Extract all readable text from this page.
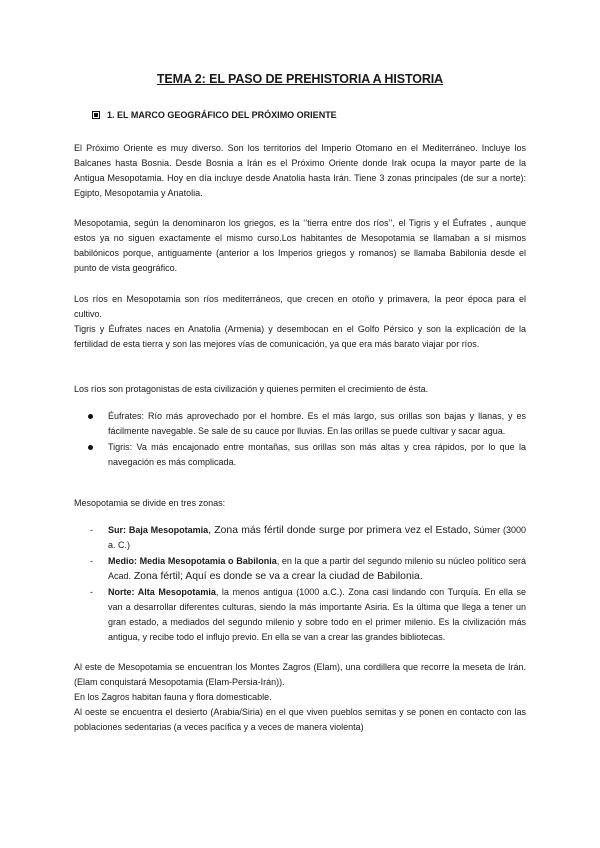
TEMA 2: EL PASO DE PREHISTORIA A HISTORIA
1. EL MARCO GEOGRÁFICO DEL PRÓXIMO ORIENTE

El Próximo Oriente es muy diverso. Son los territorios del Imperio Otomano en el Mediterráneo. Incluye los Balcanes hasta Bosnia. Desde Bosnia a Irán es el Próximo Oriente donde Irak ocupa la mayor parte de la Antigua Mesopotamia. Hoy en día incluye desde Anatolia hasta Irán. Tiene 3 zonas principales (de sur a norte): Egipto, Mesopotamia y Anatolia.

Mesopotamia, según la denominaron los griegos, es la ‘’tierra entre dos ríos’’, el Tigris y el Éufrates , aunque estos ya no siguen exactamente el mismo curso.Los habitantes de Mesopotamia se llamaban a sí mismos babilónicos porque, antiguamente (anterior a los Imperios griegos y romanos) se llamaba Babilonia desde el punto de vista geográfico.

Los ríos en Mesopotamia son ríos mediterráneos, que crecen en otoño y primavera, la peor época para el cultivo.

Tigris y Éufrates naces en Anatolia (Armenia) y desembocan en el Golfo Pérsico y son la explicación de la fertilidad de esta tierra y son las mejores vías de comunicación, ya que era más barato viajar por ríos.

Los ríos son protagonistas de esta civilización y quienes permiten el crecimiento de ésta.

Éufrates: Río más aprovechado por el hombre. Es el más largo, sus orillas son bajas y llanas, y es fácilmente navegable. Se sale de su cauce por lluvias. En las orillas se puede cultivar y sacar agua.
Tigris: Va más encajonado entre montañas, sus orillas son más altas y crea rápidos, por lo que la navegación es más complicada.

Mesopotamia se divide en tres zonas:

- Sur: Baja Mesopotamia, Zona más fértil donde surge por primera vez el Estado, Súmer (3000 a. C.)
- Medio: Media Mesopotamia o Babilonia, en la que a partir del segundo milenio su núcleo político será Acad. Zona fértil; Aquí es donde se va a crear la ciudad de Babilonia.
- Norte: Alta Mesopotamia, la menos antigua (1000 a.C.). Zona casi lindando con Turquía. En ella se van a desarrollar diferentes culturas, siendo la más importante Asiria. Es la última que llega a tener un gran estado, a mediados del segundo milenio y sobre todo en el primer milenio. Es la civilización más antigua, y recibe todo el influjo previo. En ella se van a crear las grandes bibliotecas.

Al este de Mesopotamia se encuentran los Montes Zagros (Elam), una cordillera que recorre la meseta de Irán. (Elam conquistará Mesopotamia (Elam-Persia-Irán)).

En los Zagros habitan fauna y flora domesticable.

Al oeste se encuentra el desierto (Arabia/Siria) en el que viven pueblos semitas y se ponen en contacto con las poblaciones sedentarias (a veces pacífica y a veces de manera violenta)
